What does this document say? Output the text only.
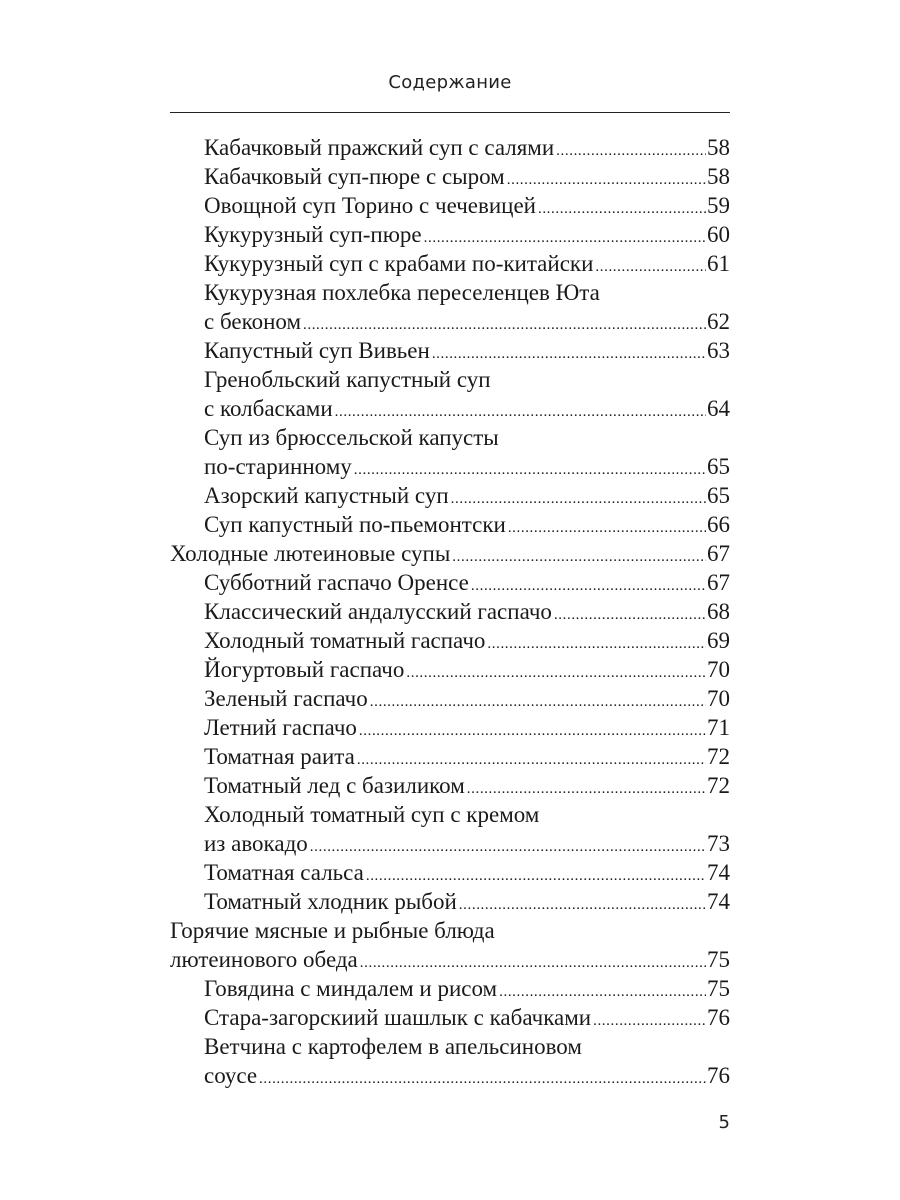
Содержание
Кабачковый пражский суп с салями .....	58
Кабачковый суп-пюре с сыром .....	58
Овощной суп Торино с чечевицей .....	59
Кукурузный суп-пюре .....	60
Кукурузный суп с крабами по-китайски .....	61
Кукурузная похлебка переселенцев Юта
с беконом .....	62
Капустный суп Вивьен .....	63
Гренобльский капустный суп
с колбасками .....	64
Суп из брюссельской капусты
по-старинному .....	65
Азорский капустный суп .....	65
Суп капустный по-пьемонтски .....	66
Холодные лютеиновые супы .....	67
Субботний гаспачо Оренсе .....	67
Классический андалусский гаспачо .....	68
Холодный томатный гаспачо .....	69
Йогуртовый гаспачо .....	70
Зеленый гаспачо .....	70
Летний гаспачо .....	71
Томатная раита .....	72
Томатный лед с базиликом .....	72
Холодный томатный суп с кремом
из авокадо .....	73
Томатная сальса .....	74
Томатный хлодник рыбой .....	74
Горячие мясные и рыбные блюда
лютеинового обеда .....	75
Говядина с миндалем и рисом .....	75
Стара-загорскиий шашлык с кабачками .....	76
Ветчина с картофелем в апельсиновом
соусе .....	76
5
